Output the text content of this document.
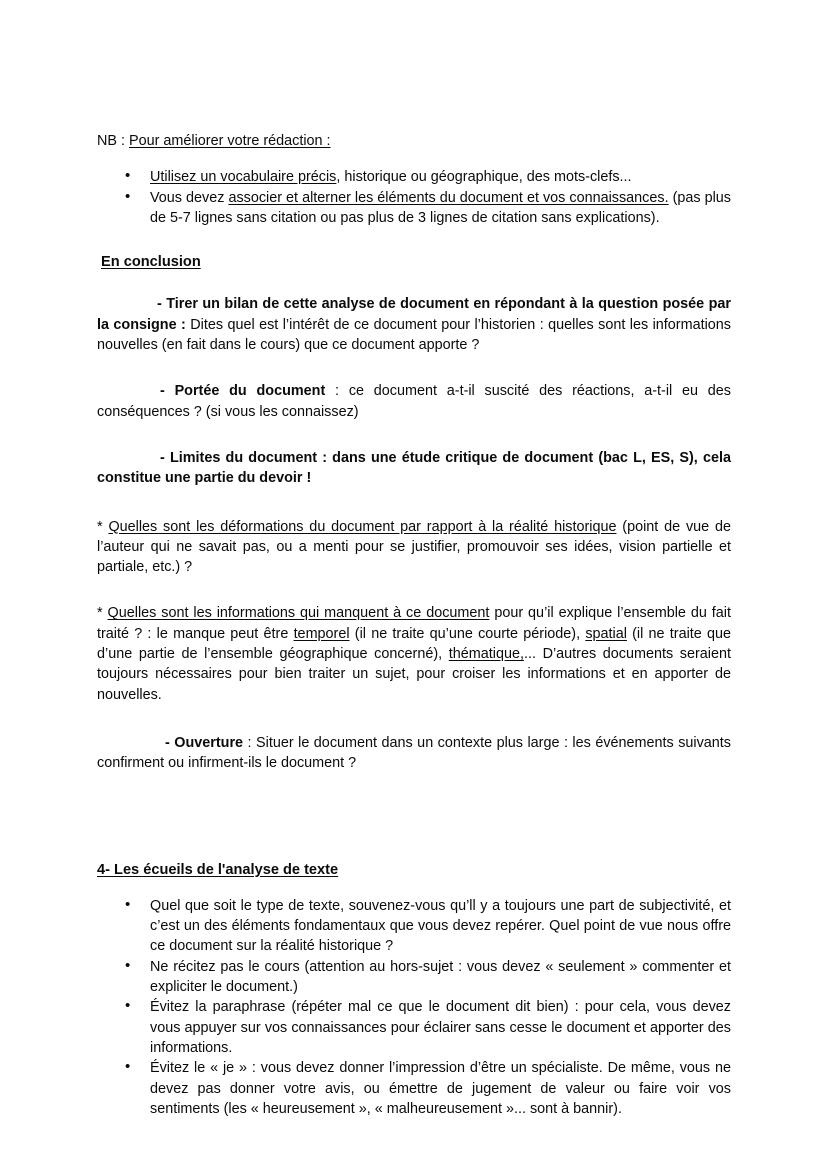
NB : Pour améliorer votre rédaction :

• Utilisez un vocabulaire précis, historique ou géographique, des mots-clefs...
• Vous devez associer et alterner les éléments du document et vos connaissances. (pas plus de 5-7 lignes sans citation ou pas plus de 3 lignes de citation sans explications).

En conclusion

- Tirer un bilan de cette analyse de document en répondant à la question posée par la consigne : Dites quel est l’intérêt de ce document pour l’historien : quelles sont les informations nouvelles (en fait dans le cours) que ce document apporte ?

- Portée du document : ce document a-t-il suscité des réactions, a-t-il eu des conséquences ? (si vous les connaissez)

- Limites du document : dans une étude critique de document (bac L, ES, S), cela constitue une partie du devoir !

* Quelles sont les déformations du document par rapport à la réalité historique (point de vue de l’auteur qui ne savait pas, ou a menti pour se justifier, promouvoir ses idées, vision partielle et partiale, etc.) ?

* Quelles sont les informations qui manquent à ce document pour qu’il explique l’ensemble du fait traité ? : le manque peut être temporel (il ne traite qu’une courte période), spatial (il ne traite que d’une partie de l’ensemble géographique concerné), thématique,... D’autres documents seraient toujours nécessaires pour bien traiter un sujet, pour croiser les informations et en apporter de nouvelles.

- Ouverture : Situer le document dans un contexte plus large : les événements suivants confirment ou infirment-ils le document ?

4- Les écueils de l'analyse de texte

• Quel que soit le type de texte, souvenez-vous qu’ll y a toujours une part de subjectivité, et c’est un des éléments fondamentaux que vous devez repérer. Quel point de vue nous offre ce document sur la réalité historique ?
• Ne récitez pas le cours (attention au hors-sujet : vous devez « seulement » commenter et expliciter le document.)
• Évitez la paraphrase (répéter mal ce que le document dit bien) : pour cela, vous devez vous appuyer sur vos connaissances pour éclairer sans cesse le document et apporter des informations.
• Évitez le « je » : vous devez donner l’impression d’être un spécialiste. De même, vous ne devez pas donner votre avis, ou émettre de jugement de valeur ou faire voir vos sentiments (les « heureusement », « malheureusement »... sont à bannir).
